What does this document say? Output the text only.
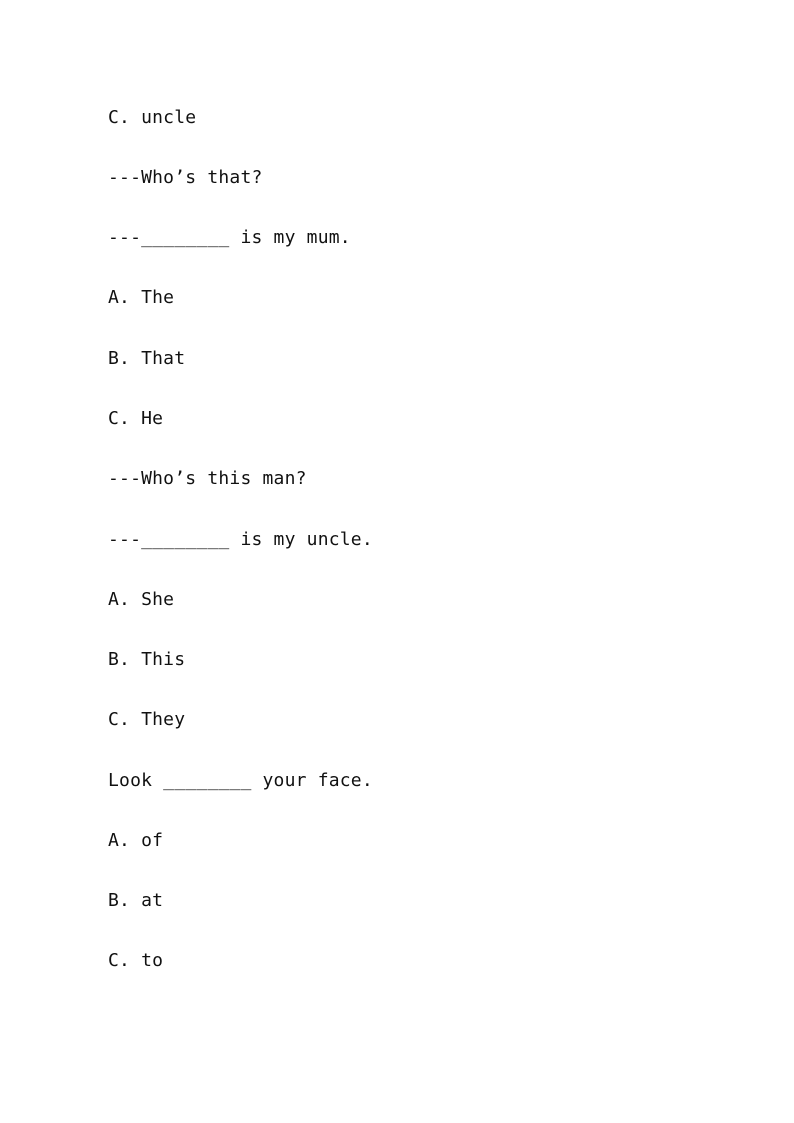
C. uncle
---Who’s that?
---________ is my mum.
A. The
B. That
C. He
---Who’s this man?
---________ is my uncle.
A. She
B. This
C. They
Look ________ your face.
A. of
B. at
C. to
